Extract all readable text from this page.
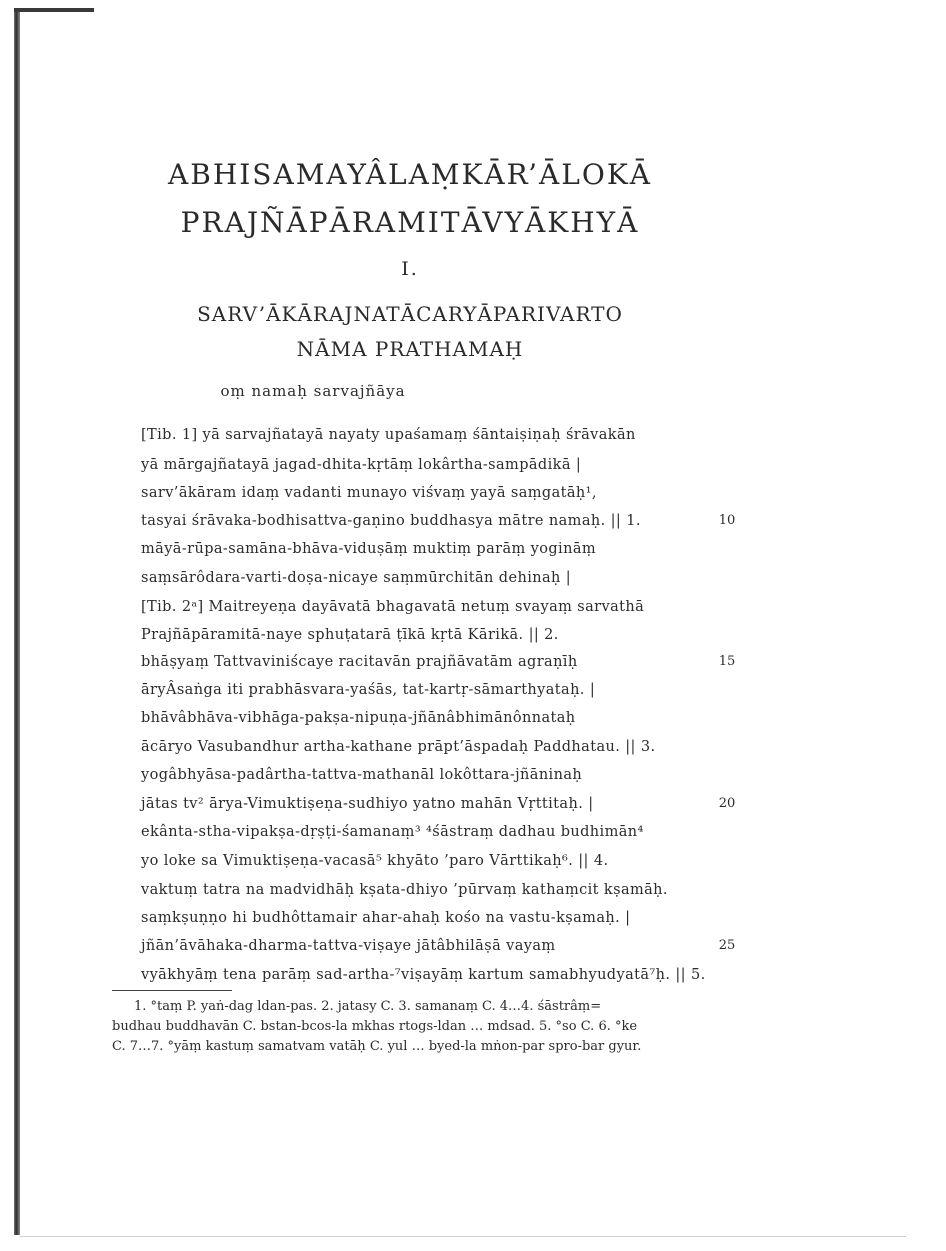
ABHISAMAYÂLAṂKĀR’ĀLOKĀ
PRAJÑĀPĀRAMITĀVYĀKHYĀ
I.
SARV’ĀKĀRAJNATĀCARYĀPARIVARTO
NĀMA PRATHAMAḤ
oṃ namaḥ sarvajñāya
[Tib. 1] yā sarvajñatayā nayaty upaśamaṃ śāntaiṣiṇaḥ śrāvakān
yā mārgajñatayā jagad-dhita-kṛtāṃ lokârtha-sampādikā |
sarv’ākāram idaṃ vadanti munayo viśvaṃ yayā saṃgatāḥ¹,
tasyai śrāvaka-bodhisattva-gaṇino buddhasya mātre namaḥ. || 1.
māyā-rūpa-samāna-bhāva-viduṣāṃ muktiṃ parāṃ yogināṃ
saṃsārôdara-varti-doṣa-nicaye saṃmūrchitān dehinaḥ |
[Tib. 2ᵃ] Maitreyeṇa dayāvatā bhagavatā netuṃ svayaṃ sarvathā
Prajñāpāramitā-naye sphuṭatarā ṭīkā kṛtā Kārikā. || 2.
bhāṣyaṃ Tattvaviniścaye racitavān prajñāvatām agraṇīḥ
āryÂsaṅga iti prabhāsvara-yaśās, tat-kartṛ-sāmarthyataḥ. |
bhāvâbhāva-vibhāga-pakṣa-nipuṇa-jñānâbhimānônnataḥ
ācāryo Vasubandhur artha-kathane prāpt’āspadaḥ Paddhatau. || 3.
yogâbhyāsa-padârtha-tattva-mathanāl lokôttara-jñāninaḥ
jātas tv² ārya-Vimuktiṣeṇa-sudhiyo yatno mahān Vṛttitaḥ. |
ekânta-stha-vipakṣa-dṛṣṭi-śamanaṃ³ ⁴śāstraṃ dadhau budhimān⁴
yo loke sa Vimuktiṣeṇa-vacasā⁵ khyāto ’paro Vārttikaḥ⁶. || 4.
vaktuṃ tatra na madvidhāḥ kṣata-dhiyo ’pūrvaṃ kathaṃcit kṣamāḥ.
saṃkṣuṇṇo hi budhôttamair ahar-ahaḥ kośo na vastu-kṣamaḥ. |
jñān’āvāhaka-dharma-tattva-viṣaye jātâbhilāṣā vayaṃ
vyākhyāṃ tena parāṃ sad-artha-⁷viṣayāṃ kartum samabhyudyatā⁷ḥ. || 5.
10
15
20
25
1. °taṃ P. yaṅ-dag ldan-pas. 2. jatasy C. 3. samanaṃ C. 4…4. śāstrâṃ=
budhau buddhavān C. bstan-bcos-la mkhas rtogs-ldan … mdsad. 5. °so C. 6. °ke
C. 7…7. °yāṃ kastuṃ samatvam vatāḥ C. yul … byed-la mṅon-par spro-bar gyur.
